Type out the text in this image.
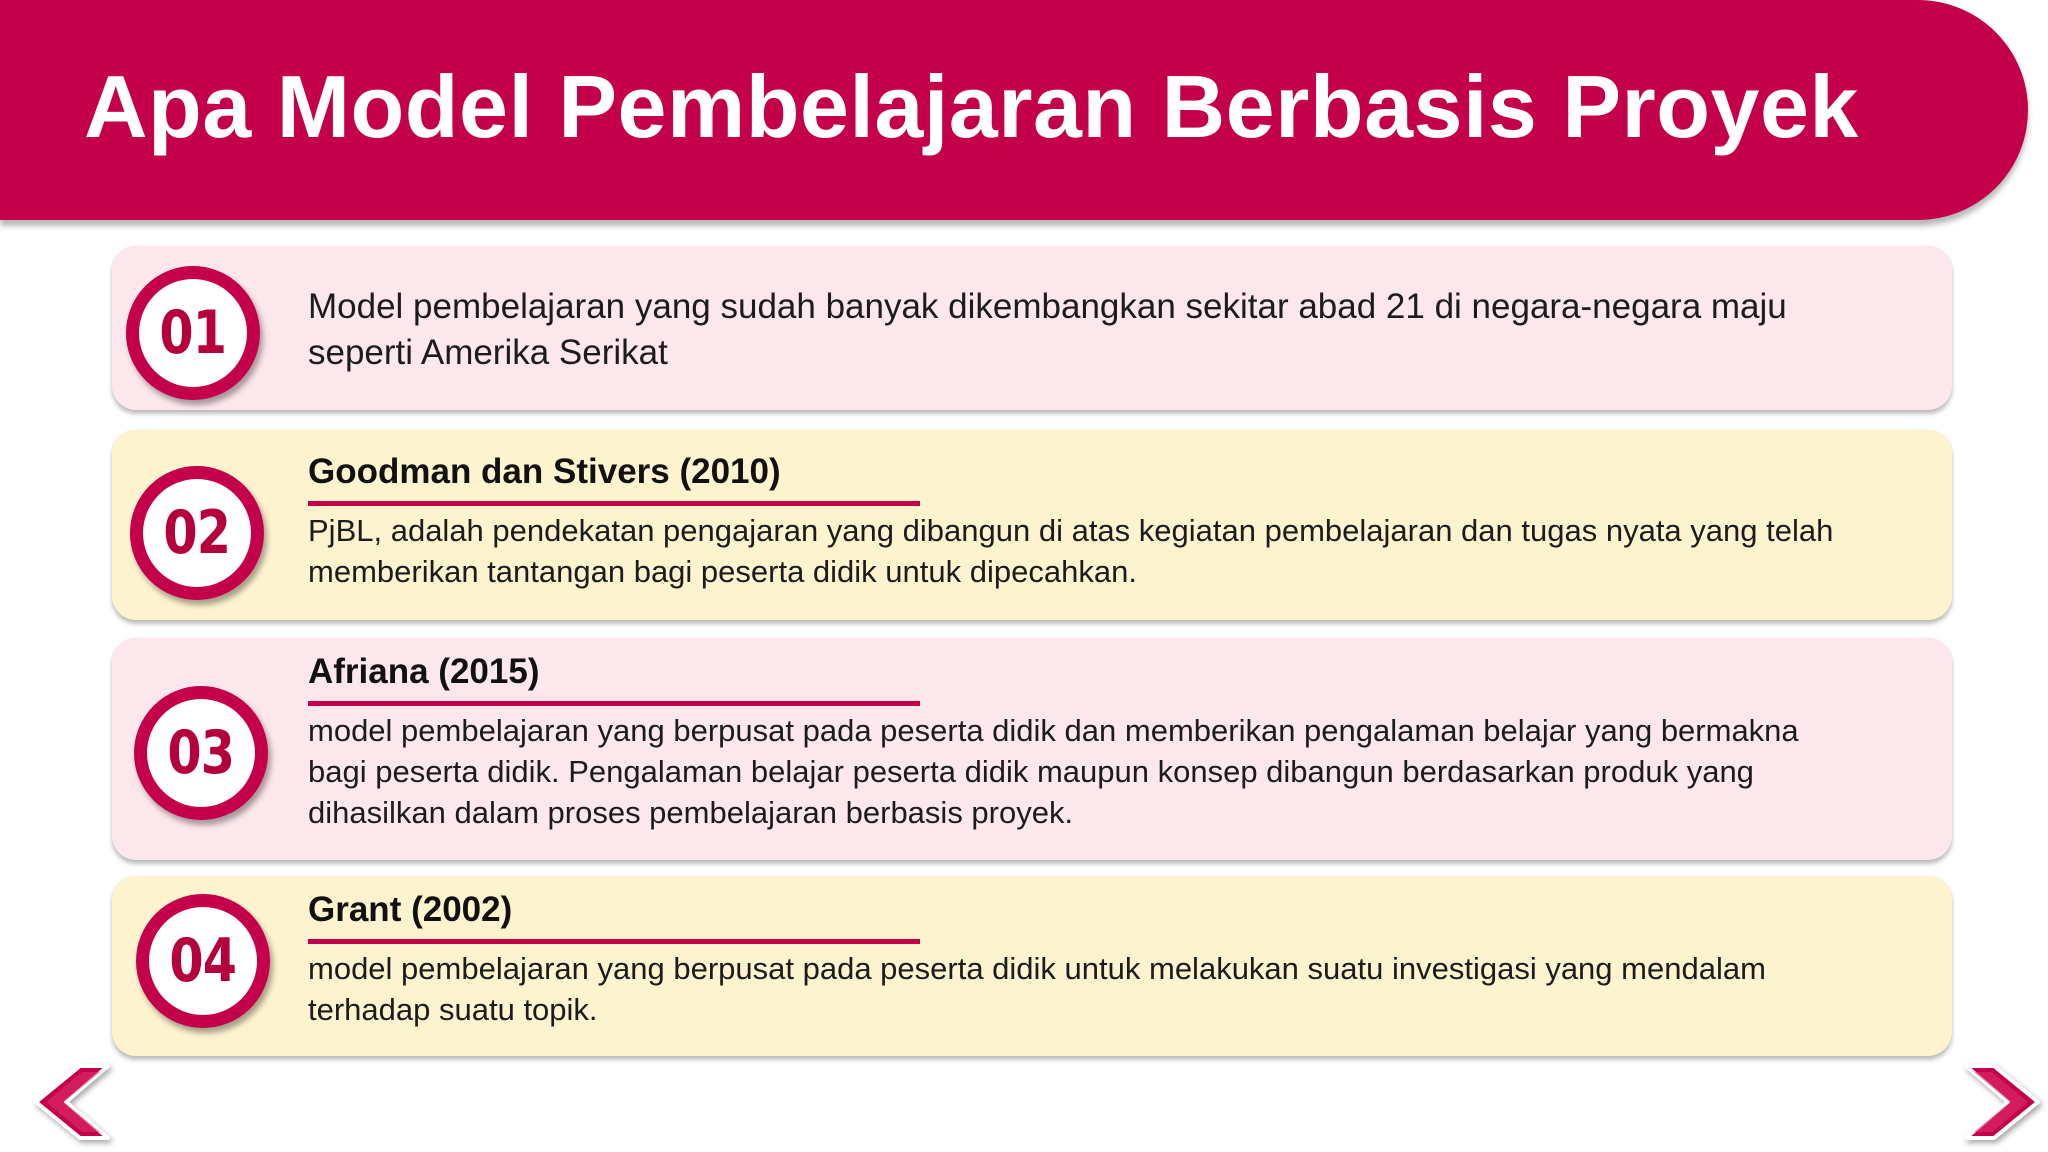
Apa Model Pembelajaran Berbasis Proyek
01 Model pembelajaran yang sudah banyak dikembangkan sekitar abad 21 di negara-negara maju seperti Amerika Serikat
02
Goodman dan Stivers (2010)
PjBL, adalah pendekatan pengajaran yang dibangun di atas kegiatan pembelajaran dan tugas nyata yang telah memberikan tantangan bagi peserta didik untuk dipecahkan.
03
Afriana (2015)
model pembelajaran yang berpusat pada peserta didik dan memberikan pengalaman belajar yang bermakna bagi peserta didik. Pengalaman belajar peserta didik maupun konsep dibangun berdasarkan produk yang dihasilkan dalam proses pembelajaran berbasis proyek.
04
Grant (2002)
model pembelajaran yang berpusat pada peserta didik untuk melakukan suatu investigasi yang mendalam terhadap suatu topik.
